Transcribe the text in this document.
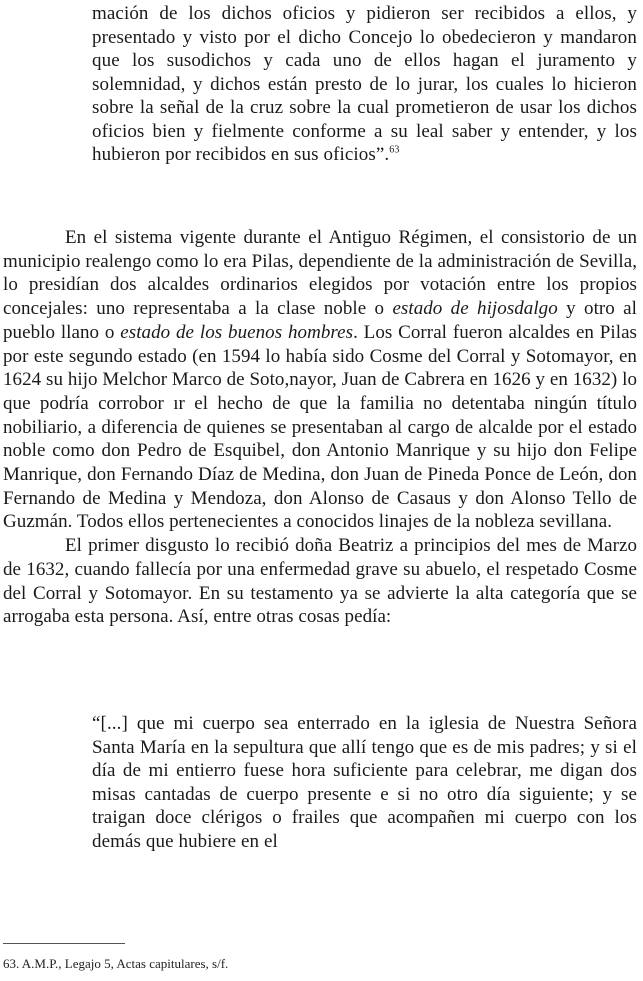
mación de los dichos oficios y pidieron ser recibidos a ellos, y presentado y visto por el dicho Concejo lo obedecieron y mandaron que los susodichos y cada uno de ellos hagan el juramento y solemnidad, y dichos están presto de lo jurar, los cuales lo hicieron sobre la señal de la cruz sobre la cual prometieron de usar los dichos oficios bien y fielmente conforme a su leal saber y entender, y los hubieron por recibidos en sus oficios”.$^{63}$

En el sistema vigente durante el Antiguo Régimen, el consistorio de un municipio realengo como lo era Pilas, dependiente de la administración de Sevilla, lo presidían dos alcaldes ordinarios elegidos por votación entre los propios concejales: uno representaba a la clase noble o estado de hijosdalgo y otro al pueblo llano o estado de los buenos hombres. Los Corral fueron alcaldes en Pilas por este segundo estado (en 1594 lo había sido Cosme del Corral y Sotomayor, en 1624 su hijo Melchor Marco de Soto,nayor, Juan de Cabrera en 1626 y en 1632) lo que podría corrobor ır el hecho de que la familia no detentaba ningún título nobiliario, a diferencia de quienes se presentaban al cargo de alcalde por el estado noble como don Pedro de Esquibel, don Antonio Manrique y su hijo don Felipe Manrique, don Fernando Díaz de Medina, don Juan de Pineda Ponce de León, don Fernando de Medina y Mendoza, don Alonso de Casaus y don Alonso Tello de Guzmán. Todos ellos pertenecientes a conocidos linajes de la nobleza sevillana.

El primer disgusto lo recibió doña Beatriz a principios del mes de Marzo de 1632, cuando fallecía por una enfermedad grave su abuelo, el respetado Cosme del Corral y Sotomayor. En su testamento ya se advierte la alta categoría que se arrogaba esta persona. Así, entre otras cosas pedía:

“[...] que mi cuerpo sea enterrado en la iglesia de Nuestra Señora Santa María en la sepultura que allí tengo que es de mis padres; y si el día de mi entierro fuese hora suficiente para celebrar, me digan dos misas cantadas de cuerpo presente e si no otro día siguiente; y se traigan doce clérigos o frailes que acompañen mi cuerpo con los demás que hubiere en el
63. A.M.P., Legajo 5, Actas capitulares, s/f.
